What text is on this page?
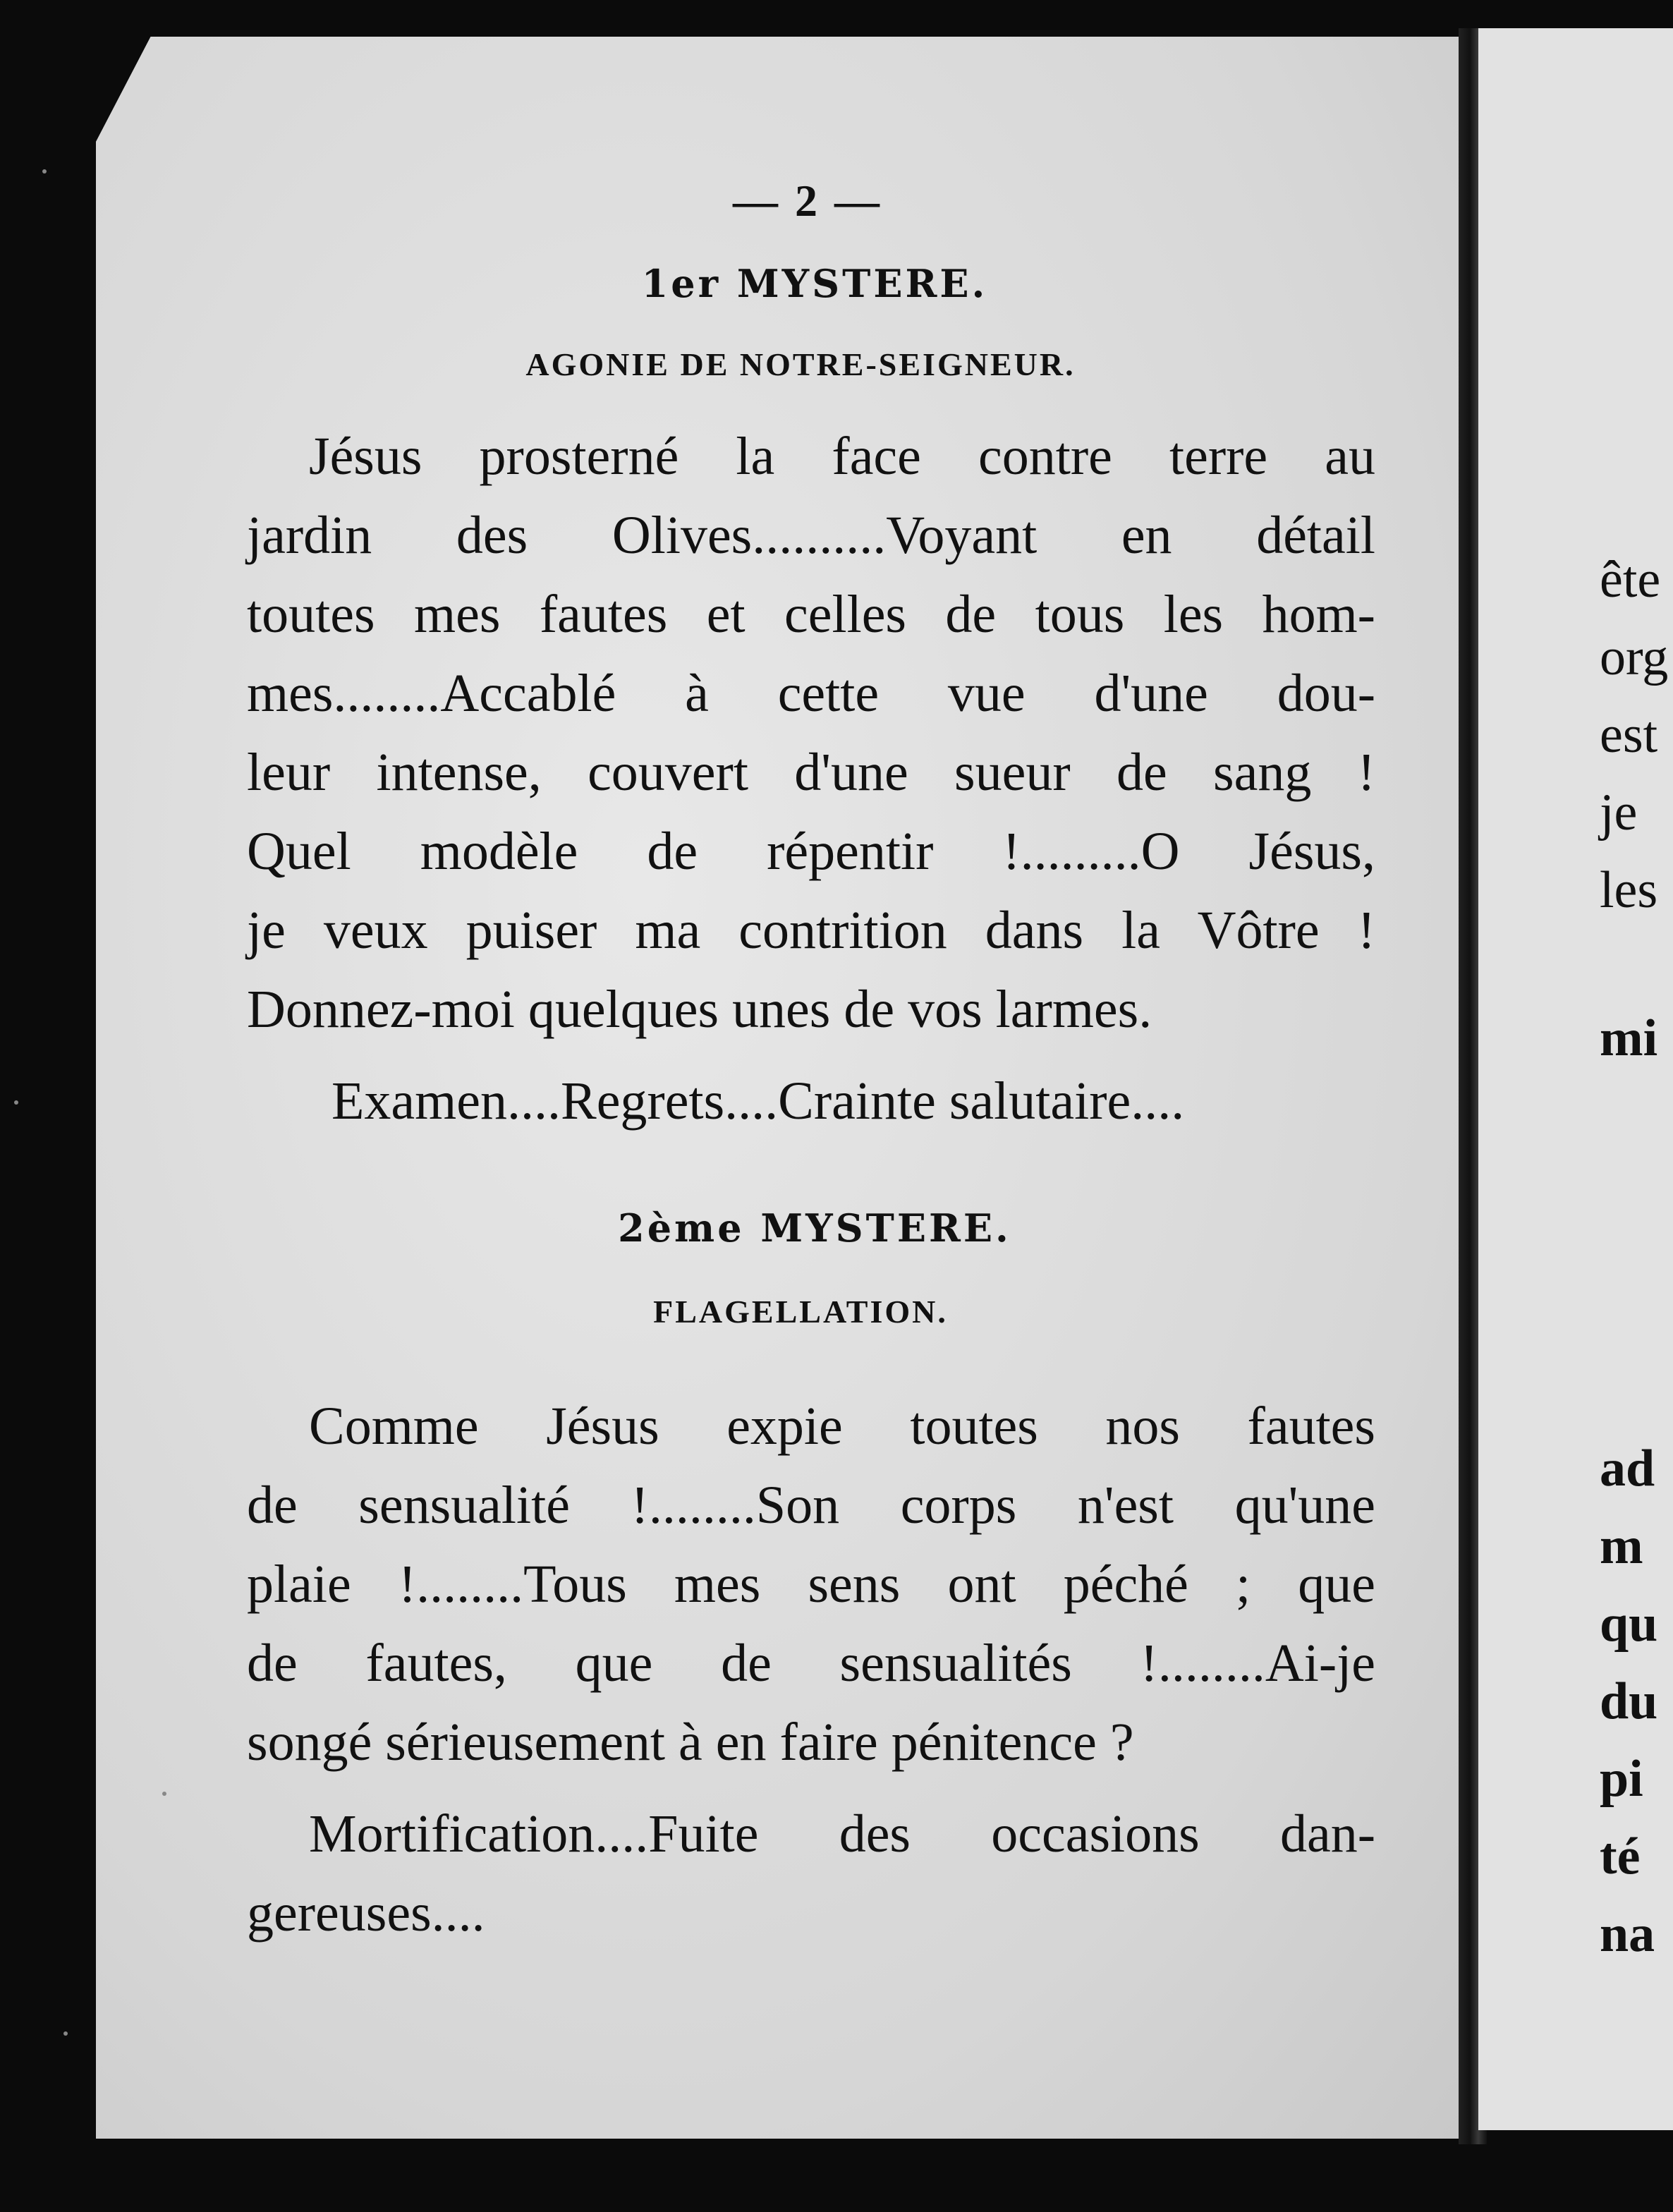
— 2 —
1er MYSTERE.
AGONIE DE NOTRE-SEIGNEUR.
Jésus prosterné la face contre terre au
jardin des Olives..........Voyant en détail
toutes mes fautes et celles de tous les hom-
mes........Accablé à cette vue d'une dou-
leur intense, couvert d'une sueur de sang !
Quel modèle de répentir !.........O Jésus,
je veux puiser ma contrition dans la Vôtre !
Donnez-moi quelques unes de vos larmes.
Examen....Regrets....Crainte salutaire....
2ème MYSTERE.
FLAGELLATION.
Comme Jésus expie toutes nos fautes
de sensualité !........Son corps n'est qu'une
plaie !........Tous mes sens ont péché ; que
de fautes, que de sensualités !........Ai-je
songé sérieusement à en faire pénitence ?
Mortification....Fuite des occasions dan-
gereuses....
ête
org
est
je
les
mi
ad
m
qu
du
pi
té
na
